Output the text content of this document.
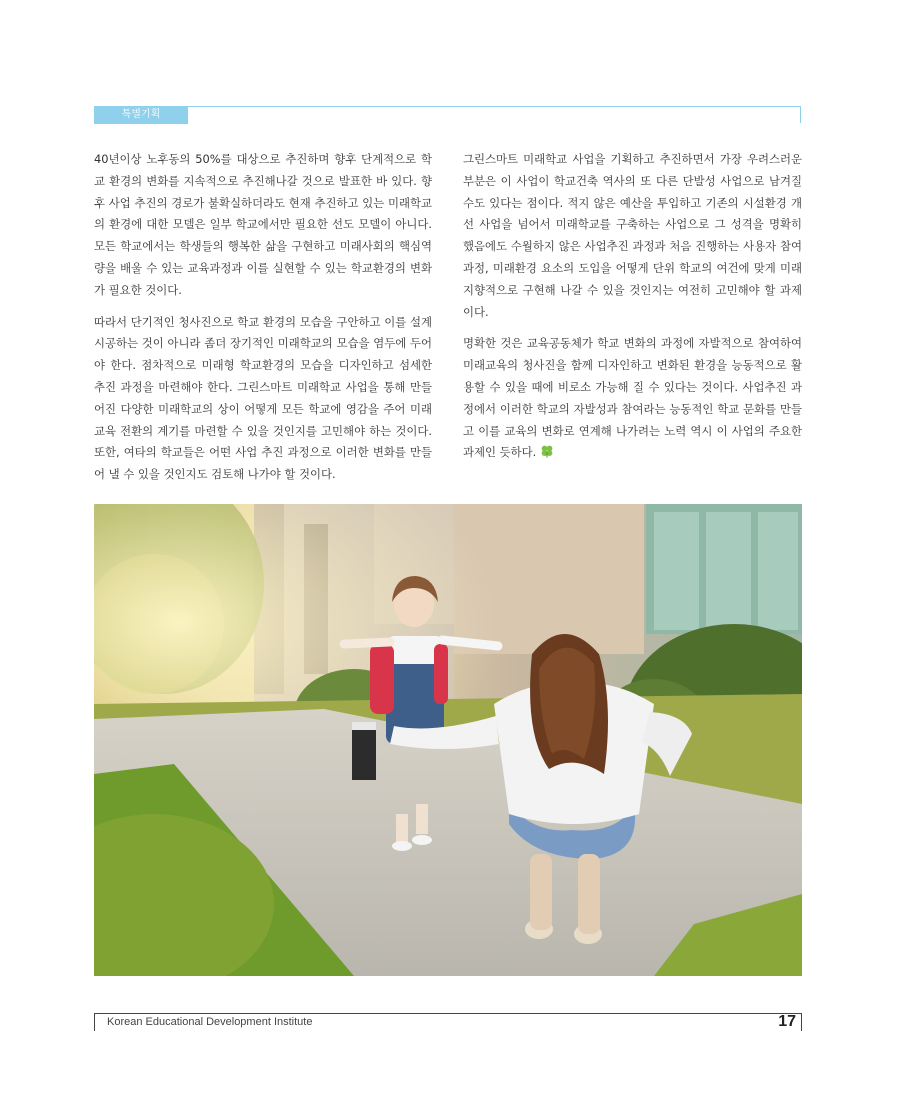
특별기획

40년이상 노후동의 50%를 대상으로 추진하며 향후 단계적으로 학교 환경의 변화를 지속적으로 추진해나갈 것으로 발표한 바 있다. 향후 사업 추진의 경로가 불확실하더라도 현재 추진하고 있는 미래학교의 환경에 대한 모델은 일부 학교에서만 필요한 선도 모델이 아니다. 모든 학교에서는 학생들의 행복한 삶을 구현하고 미래사회의 핵심역량을 배울 수 있는 교육과정과 이를 실현할 수 있는 학교환경의 변화가 필요한 것이다.

따라서 단기적인 청사진으로 학교 환경의 모습을 구안하고 이를 설계 시공하는 것이 아니라 좀더 장기적인 미래학교의 모습을 염두에 두어야 한다. 점차적으로 미래형 학교환경의 모습을 디자인하고 섬세한 추진 과정을 마련해야 한다. 그린스마트 미래학교 사업을 통해 만들어진 다양한 미래학교의 상이 어떻게 모든 학교에 영감을 주어 미래교육 전환의 계기를 마련할 수 있을 것인지를 고민해야 하는 것이다. 또한, 여타의 학교들은 어떤 사업 추진 과정으로 이러한 변화를 만들어 낼 수 있을 것인지도 검토해 나가야 할 것이다.

그린스마트 미래학교 사업을 기획하고 추진하면서 가장 우려스러운 부분은 이 사업이 학교건축 역사의 또 다른 단발성 사업으로 남겨질 수도 있다는 점이다. 적지 않은 예산을 투입하고 기존의 시설환경 개선 사업을 넘어서 미래학교를 구축하는 사업으로 그 성격을 명확히 했음에도 수월하지 않은 사업추진 과정과 처음 진행하는 사용자 참여 과정, 미래환경 요소의 도입을 어떻게 단위 학교의 여건에 맞게 미래지향적으로 구현해 나갈 수 있을 것인지는 여전히 고민해야 할 과제이다.

명확한 것은 교육공동체가 학교 변화의 과정에 자발적으로 참여하여 미래교육의 청사진을 함께 디자인하고 변화된 환경을 능동적으로 활용할 수 있을 때에 비로소 가능해 질 수 있다는 것이다. 사업추진 과정에서 이러한 학교의 자발성과 참여라는 능동적인 학교 문화를 만들고 이를 교육의 변화로 연계해 나가려는 노력 역시 이 사업의 주요한 과제인 듯하다.

Korean Educational Development Institute	17
